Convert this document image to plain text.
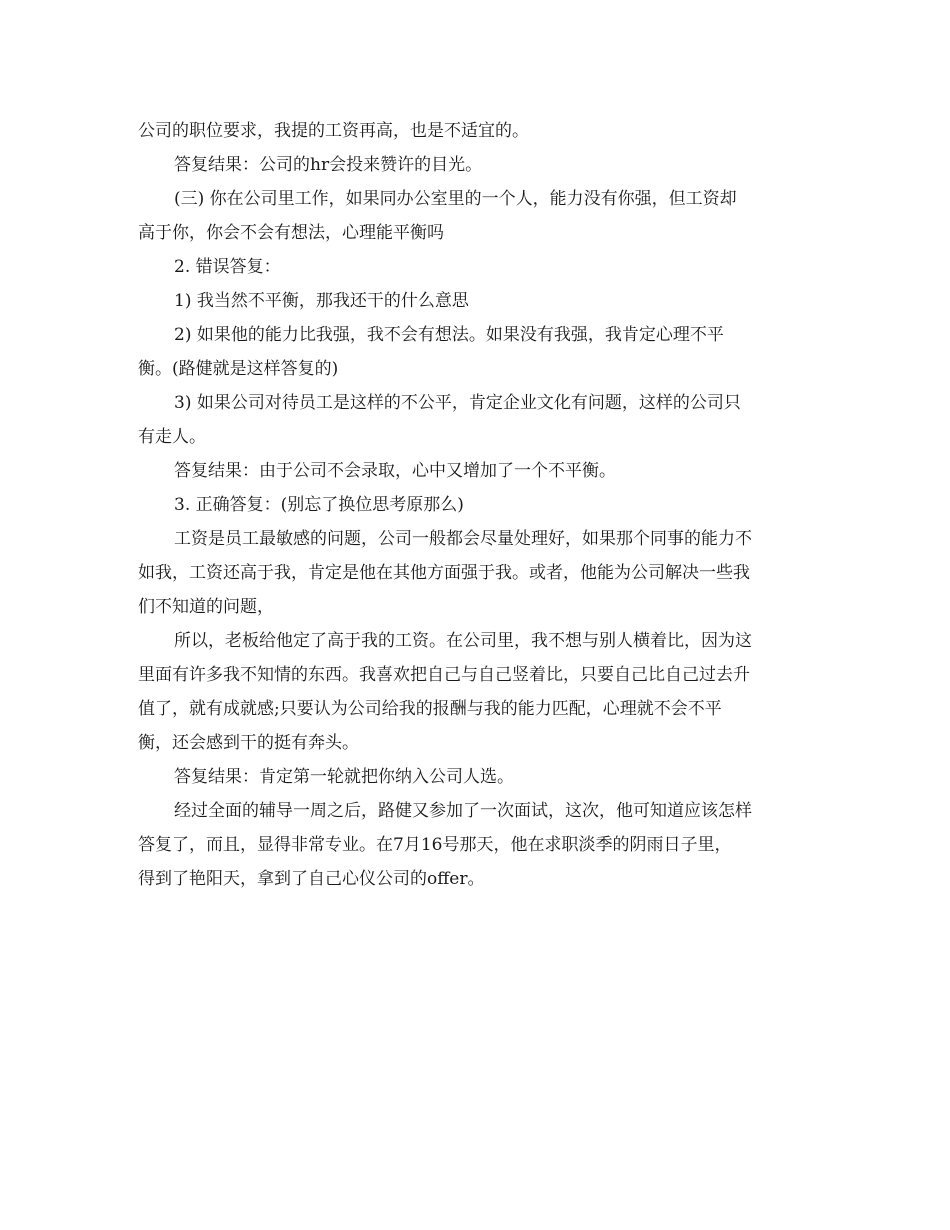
公司的职位要求，我提的工资再高，也是不适宜的。
答复结果：公司的hr会投来赞许的目光。
(三) 你在公司里工作，如果同办公室里的一个人，能力没有你强，但工资却
高于你，你会不会有想法，心理能平衡吗
2. 错误答复：
1) 我当然不平衡，那我还干的什么意思
2) 如果他的能力比我强，我不会有想法。如果没有我强，我肯定心理不平
衡。(路健就是这样答复的)
3) 如果公司对待员工是这样的不公平，肯定企业文化有问题，这样的公司只
有走人。
答复结果：由于公司不会录取，心中又增加了一个不平衡。
3. 正确答复：(别忘了换位思考原那么)
工资是员工最敏感的问题，公司一般都会尽量处理好，如果那个同事的能力不
如我，工资还高于我，肯定是他在其他方面强于我。或者，他能为公司解决一些我
们不知道的问题，
所以，老板给他定了高于我的工资。在公司里，我不想与别人横着比，因为这
里面有许多我不知情的东西。我喜欢把自己与自己竖着比，只要自己比自己过去升
值了，就有成就感;只要认为公司给我的报酬与我的能力匹配，心理就不会不平
衡，还会感到干的挺有奔头。
答复结果：肯定第一轮就把你纳入公司人选。
经过全面的辅导一周之后，路健又参加了一次面试，这次，他可知道应该怎样
答复了，而且，显得非常专业。在7月16号那天，他在求职淡季的阴雨日子里，
得到了艳阳天，拿到了自己心仪公司的offer。
